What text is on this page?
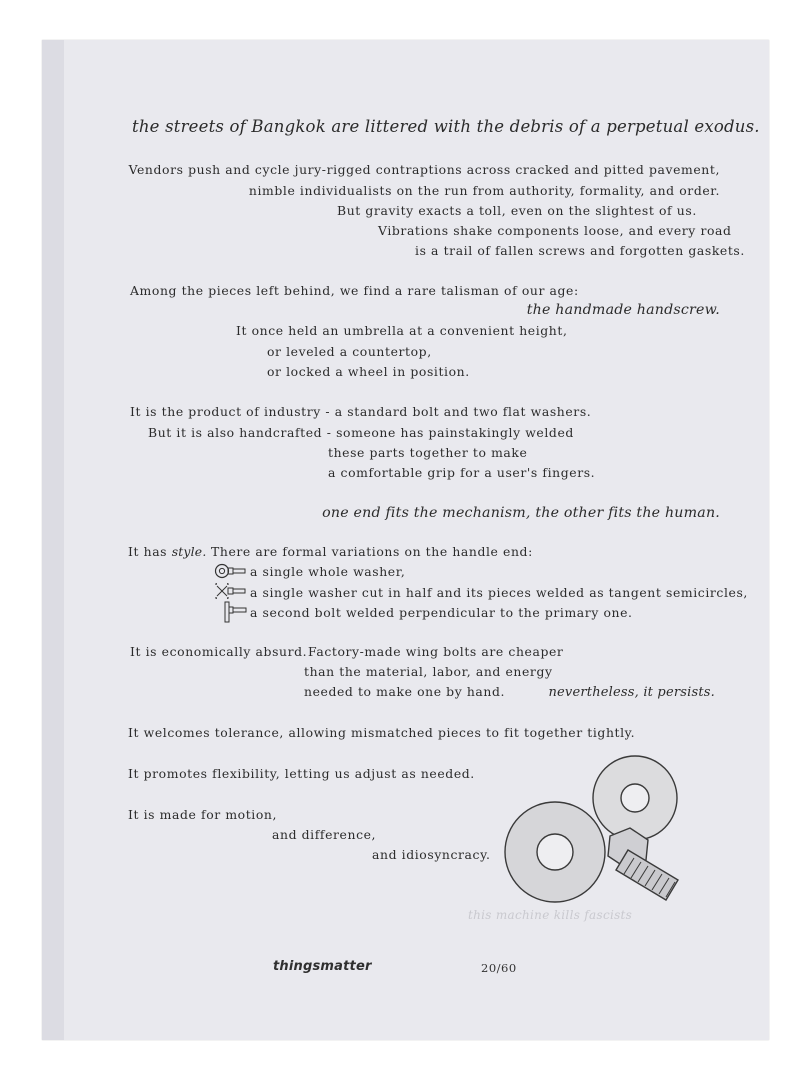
the streets of Bangkok are littered with the debris of a perpetual exodus.
Vendors push and cycle jury-rigged contraptions across cracked and pitted pavement,
nimble individualists on the run from authority, formality, and order.
But gravity exacts a toll, even on the slightest of us.
Vibrations shake components loose, and every road
is a trail of fallen screws and forgotten gaskets.
Among the pieces left behind, we find a rare talisman of our age:
the handmade handscrew.
It once held an umbrella at a convenient height,
or leveled a countertop,
or locked a wheel in position.
It is the product of industry - a standard bolt and two flat washers.
But it is also handcrafted - someone has painstakingly welded
these parts together to make
a comfortable grip for a user's fingers.
one end fits the mechanism, the other fits the human.
It has style. There are formal variations on the handle end:
a single whole washer,
a single washer cut in half and its pieces welded as tangent semicircles,
a second bolt welded perpendicular to the primary one.
It is economically absurd. Factory-made wing bolts are cheaper
than the material, labor, and energy
needed to make one by hand.	nevertheless, it persists.
It welcomes tolerance, allowing mismatched pieces to fit together tightly.
It promotes flexibility, letting us adjust as needed.
It is made for motion,
and difference,
and idiosyncracy.
this machine kills fascists
thingsmatter	20/60
